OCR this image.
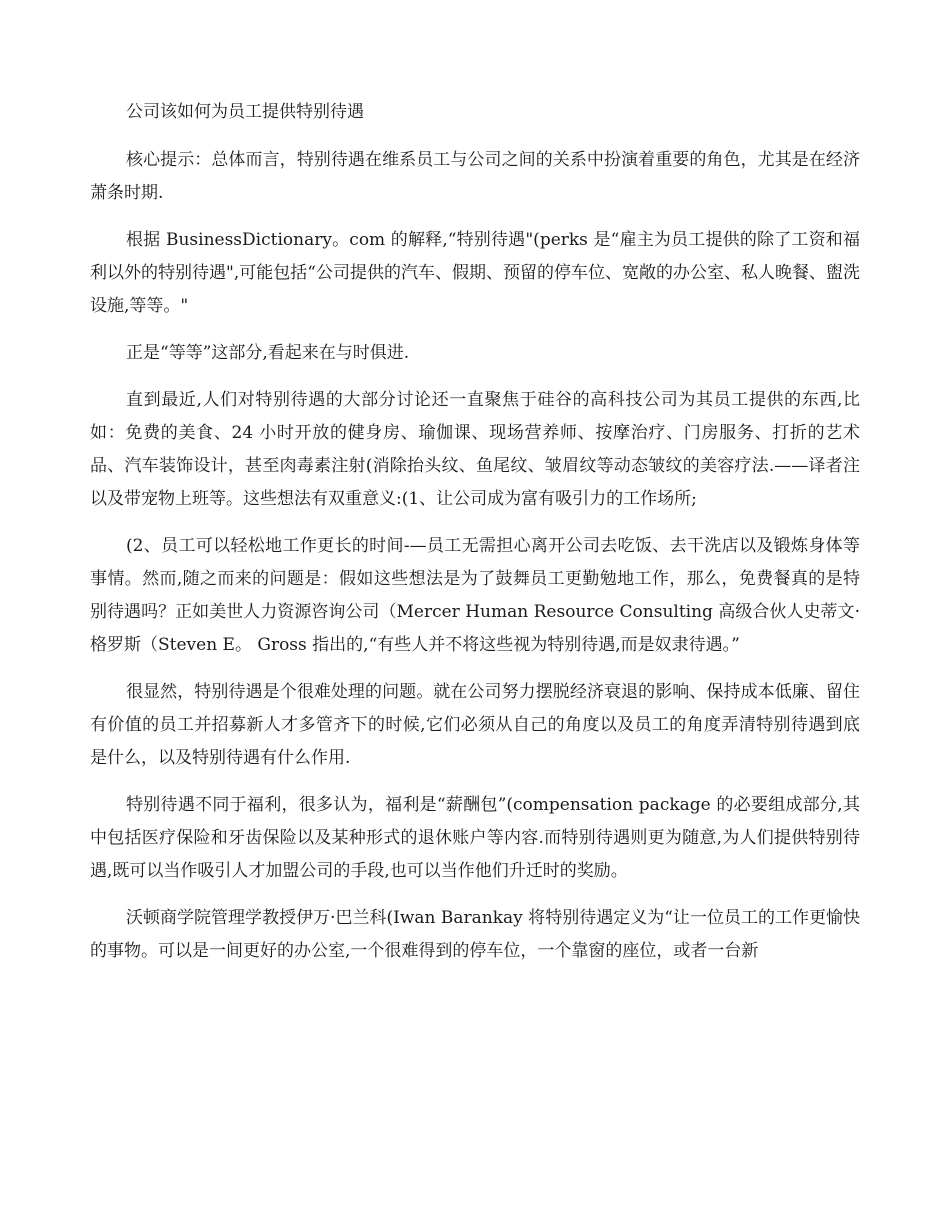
公司该如何为员工提供特别待遇

核心提示：总体而言，特别待遇在维系员工与公司之间的关系中扮演着重要的角色，尤其是在经济萧条时期.

根据 BusinessDictionary。com 的解释,“特别待遇"(perks 是“雇主为员工提供的除了工资和福利以外的特别待遇",可能包括“公司提供的汽车、假期、预留的停车位、宽敞的办公室、私人晚餐、盥洗设施,等等。"

正是“等等”这部分,看起来在与时俱进.

直到最近,人们对特别待遇的大部分讨论还一直聚焦于硅谷的高科技公司为其员工提供的东西,比如：免费的美食、24 小时开放的健身房、瑜伽课、现场营养师、按摩治疗、门房服务、打折的艺术品、汽车装饰设计，甚至肉毒素注射(消除抬头纹、鱼尾纹、皱眉纹等动态皱纹的美容疗法.——译者注以及带宠物上班等。这些想法有双重意义:(1、让公司成为富有吸引力的工作场所;

(2、员工可以轻松地工作更长的时间-—员工无需担心离开公司去吃饭、去干洗店以及锻炼身体等事情。然而,随之而来的问题是：假如这些想法是为了鼓舞员工更勤勉地工作，那么，免费餐真的是特别待遇吗？正如美世人力资源咨询公司（Mercer Human Resource Consulting 高级合伙人史蒂文·格罗斯（Steven E。 Gross 指出的,“有些人并不将这些视为特别待遇,而是奴隶待遇。”

很显然，特别待遇是个很难处理的问题。就在公司努力摆脱经济衰退的影响、保持成本低廉、留住有价值的员工并招募新人才多管齐下的时候,它们必须从自己的角度以及员工的角度弄清特别待遇到底是什么，以及特别待遇有什么作用.

特别待遇不同于福利，很多认为，福利是“薪酬包”(compensation package 的必要组成部分,其中包括医疗保险和牙齿保险以及某种形式的退休账户等内容.而特别待遇则更为随意,为人们提供特别待遇,既可以当作吸引人才加盟公司的手段,也可以当作他们升迁时的奖励。

沃顿商学院管理学教授伊万·巴兰科(Iwan Barankay 将特别待遇定义为“让一位员工的工作更愉快的事物。可以是一间更好的办公室,一个很难得到的停车位，一个靠窗的座位，或者一台新
